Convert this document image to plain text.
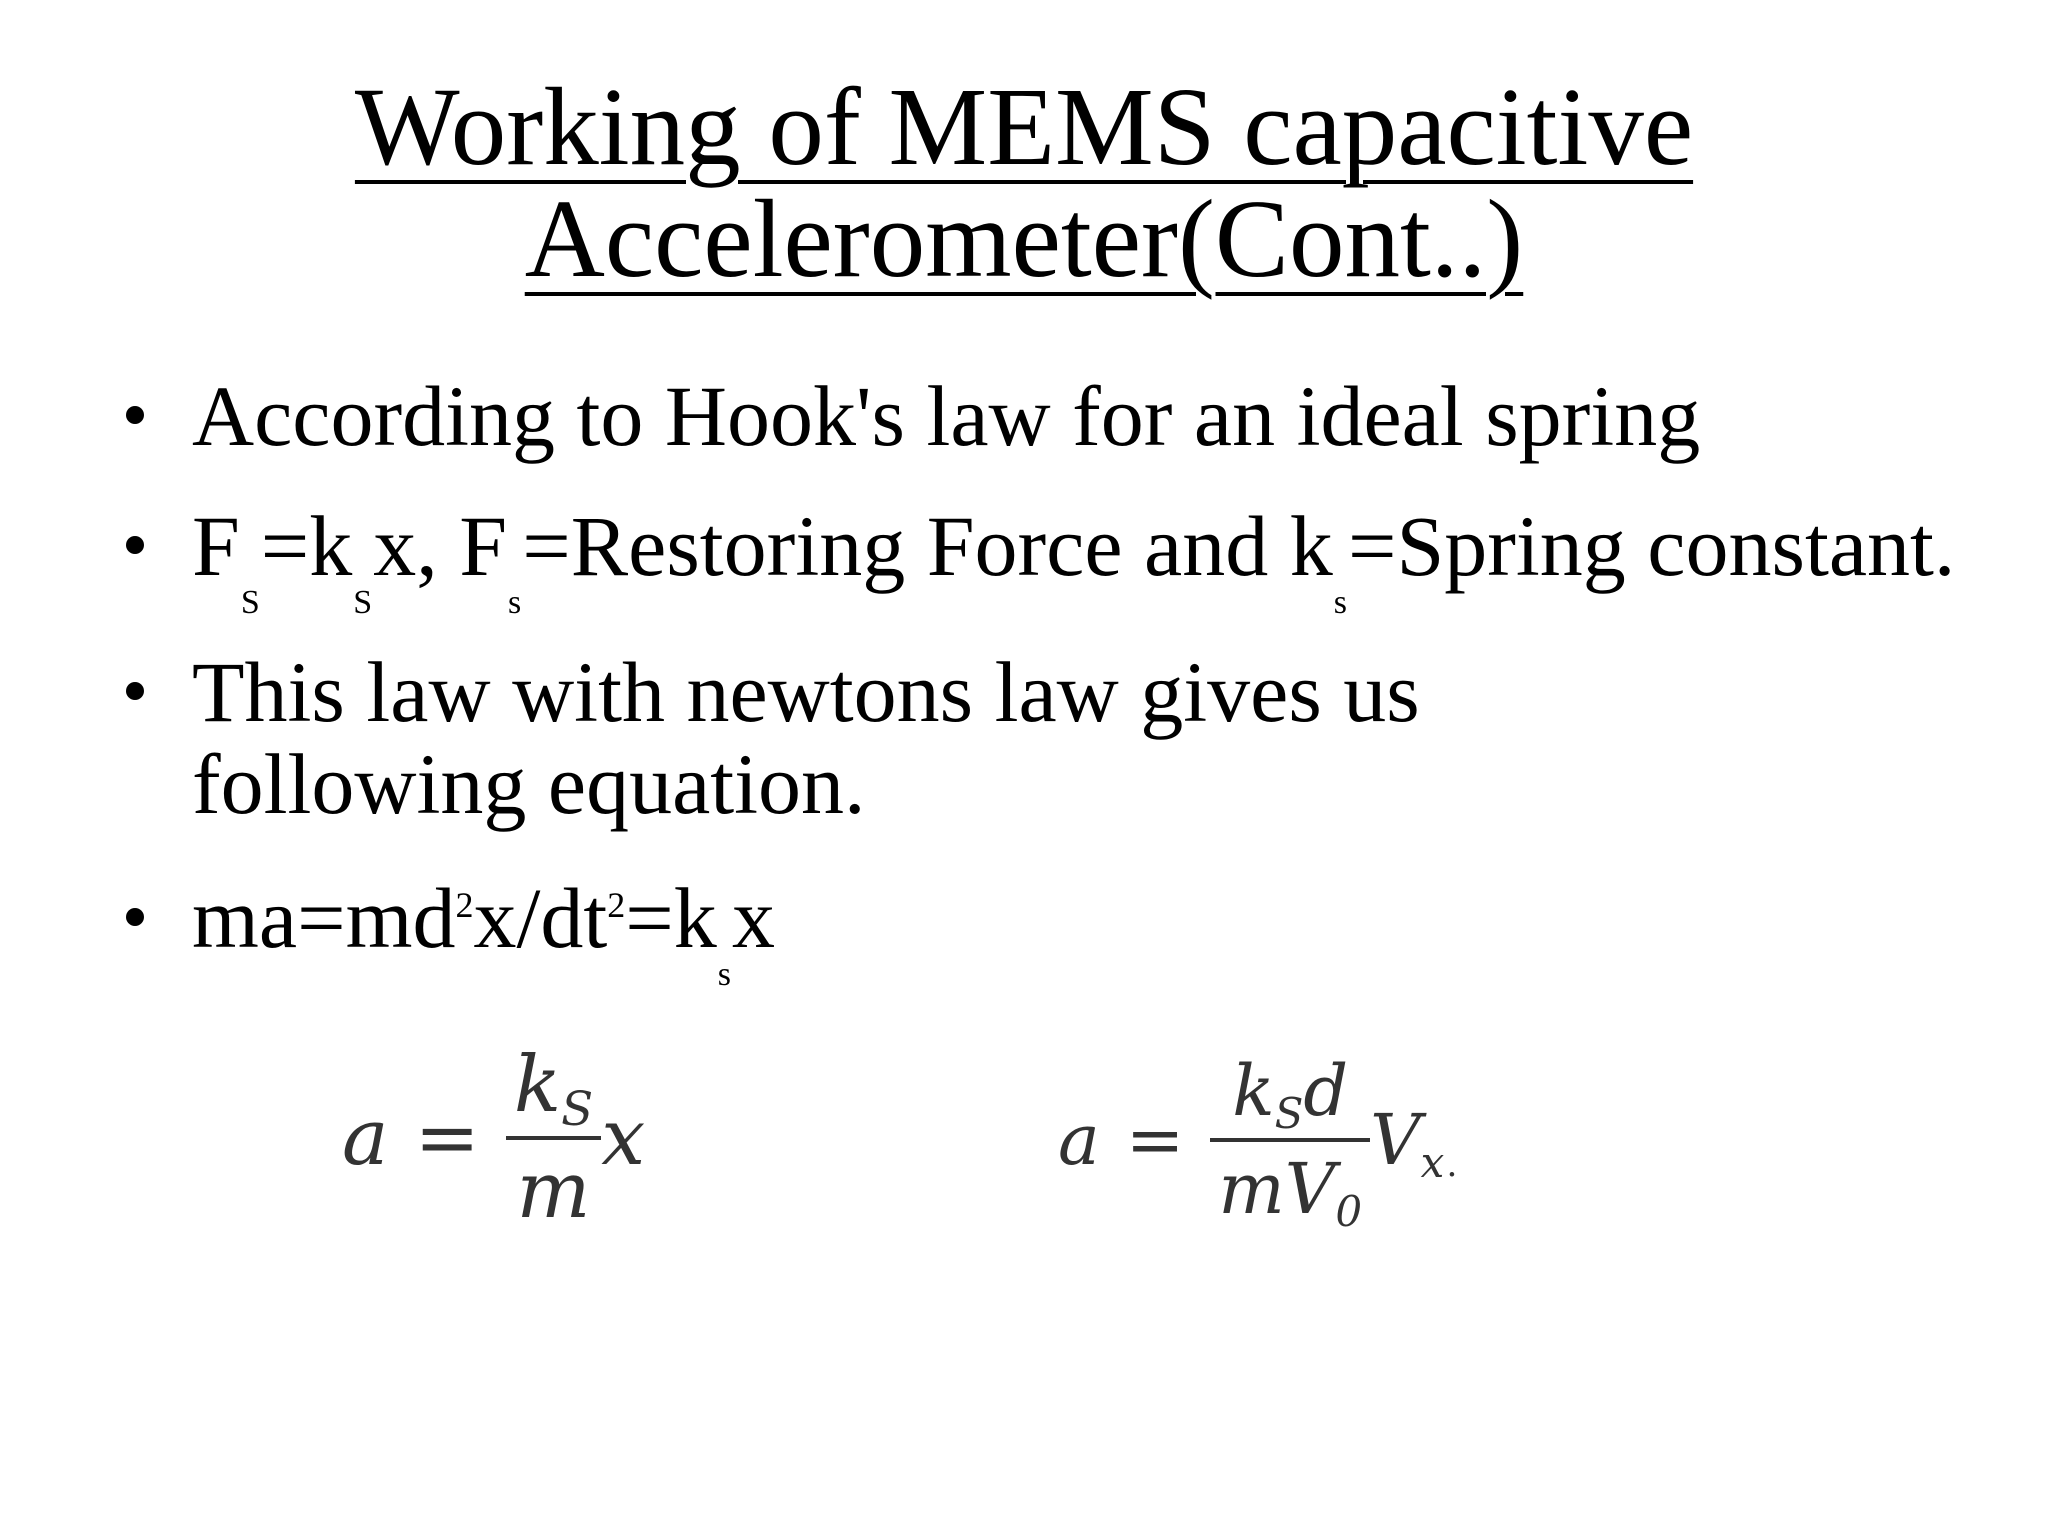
Working of MEMS capacitive
Accelerometer(Cont..)
According to Hook's law for an ideal spring
$F_S=k_Sx$, $F_s=Restoring$ Force and $k_s=Spring$ constant.
This law with newtons law gives us following equation.
$ma=md^2x/dt^2=k_sx$
$a = \frac{kS}{m}$ x	$a = \frac{\text{kSd}}{mV0} Vx$.
